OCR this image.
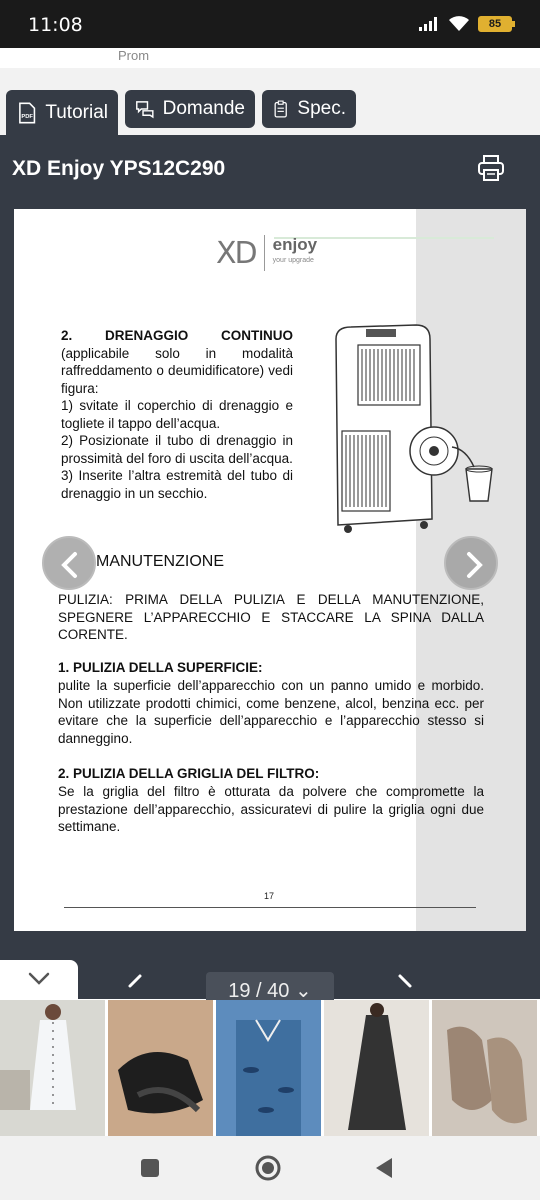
11:08	85
Prom
PDF Tutorial	Domande	Spec.
XD Enjoy YPS12C290
XD enjoy
your upgrade
2. DRENAGGIO CONTINUO
(applicabile solo in modalità raffreddamento o deumidificatore) vedi figura:
1) svitate il coperchio di drenaggio e togliete il tappo dell’acqua.
2) Posizionate il tubo di drenaggio in prossimità del foro di uscita dell’acqua.
3) Inserite l’altra estremità del tubo di drenaggio in un secchio.
MANUTENZIONE
PULIZIA: PRIMA DELLA PULIZIA E DELLA MANUTENZIONE, SPEGNERE L’APPARECCHIO E STACCARE LA SPINA DALLA CORENTE.
1. PULIZIA DELLA SUPERFICIE:
pulite la superficie dell’apparecchio con un panno umido e morbido. Non utilizzate prodotti chimici, come benzene, alcol, benzina ecc. per evitare che la superficie dell’apparecchio e l’apparecchio stesso si danneggino.
2. PULIZIA DELLA GRIGLIA DEL FILTRO:
Se la griglia del filtro è otturata da polvere che compromette la prestazione dell’apparecchio, assicuratevi di pulire la griglia ogni due settimane.
17
19 / 40 ⌄
